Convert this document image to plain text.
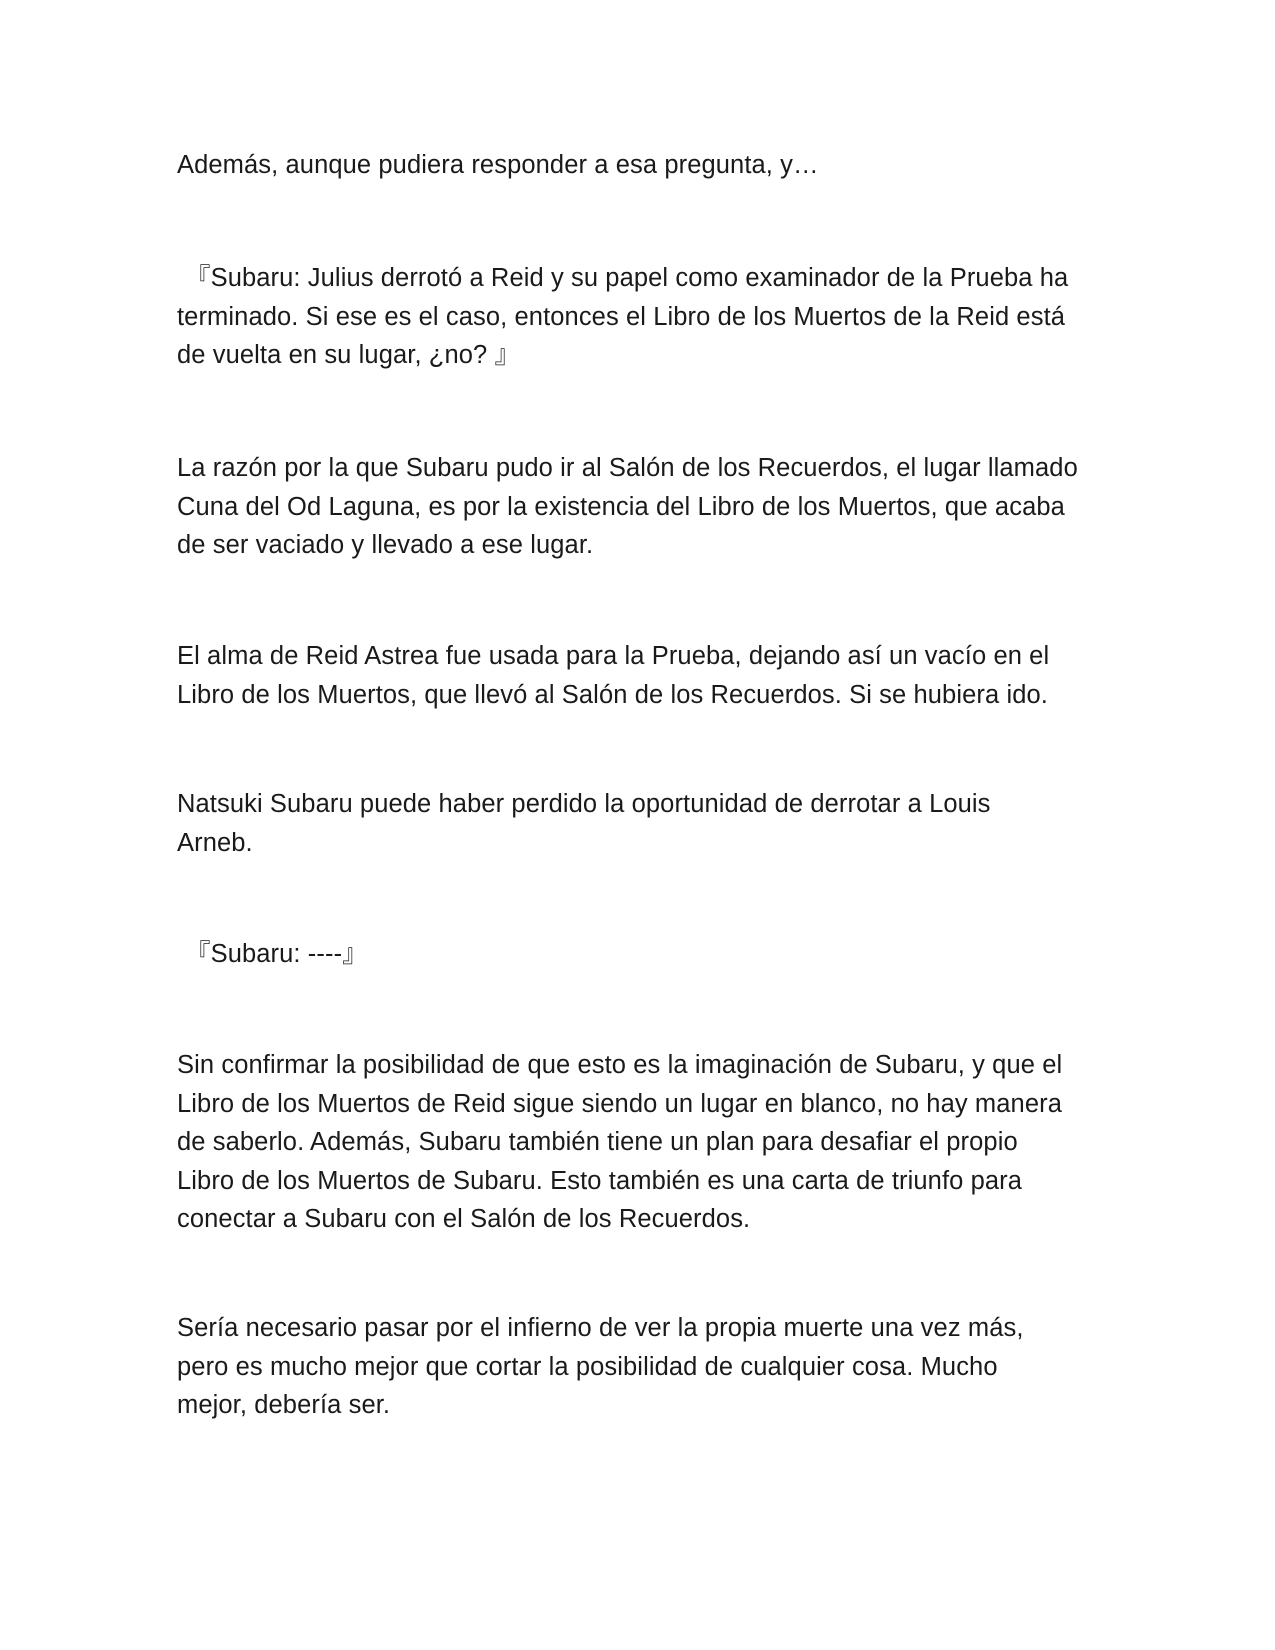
Además, aunque pudiera responder a esa pregunta, y…

『Subaru: Julius derrotó a Reid y su papel como examinador de la Prueba ha
terminado. Si ese es el caso, entonces el Libro de los Muertos de la Reid está
de vuelta en su lugar, ¿no? 』

La razón por la que Subaru pudo ir al Salón de los Recuerdos, el lugar llamado
Cuna del Od Laguna, es por la existencia del Libro de los Muertos, que acaba
de ser vaciado y llevado a ese lugar.

El alma de Reid Astrea fue usada para la Prueba, dejando así un vacío en el
Libro de los Muertos, que llevó al Salón de los Recuerdos. Si se hubiera ido.

Natsuki Subaru puede haber perdido la oportunidad de derrotar a Louis
Arneb.

『Subaru: ----』

Sin confirmar la posibilidad de que esto es la imaginación de Subaru, y que el
Libro de los Muertos de Reid sigue siendo un lugar en blanco, no hay manera
de saberlo. Además, Subaru también tiene un plan para desafiar el propio
Libro de los Muertos de Subaru. Esto también es una carta de triunfo para
conectar a Subaru con el Salón de los Recuerdos.

Sería necesario pasar por el infierno de ver la propia muerte una vez más,
pero es mucho mejor que cortar la posibilidad de cualquier cosa. Mucho
mejor, debería ser.
